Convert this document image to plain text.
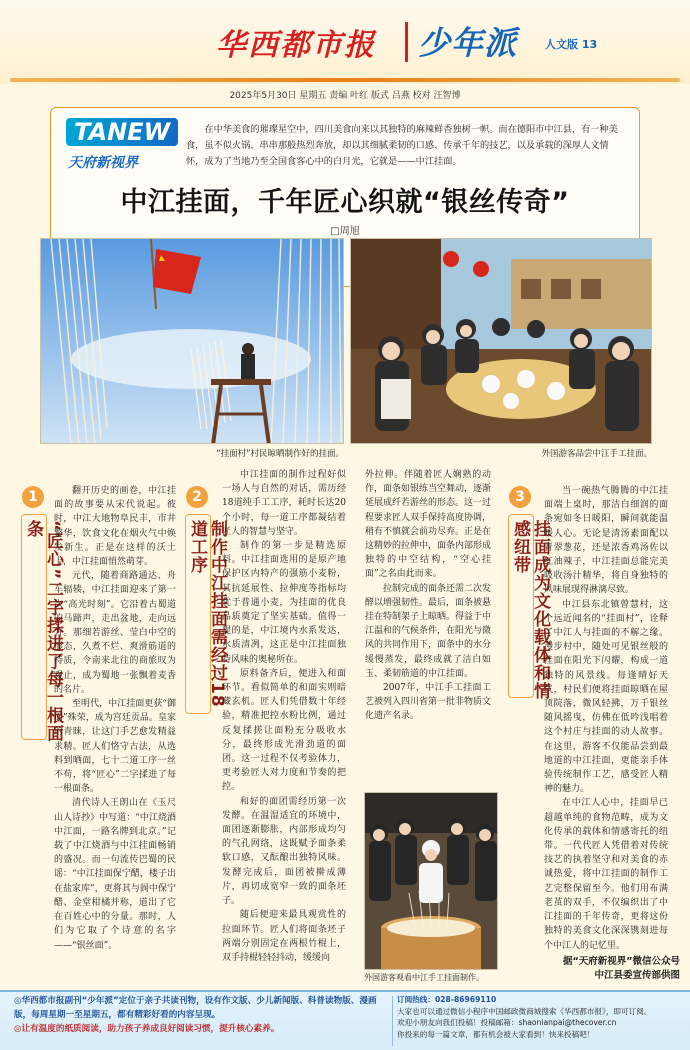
华西都市报 少年派	人文版 13
2025年5月30日 星期五 责编 叶红 版式 吕燕 校对 汪智博
TANEW
天府新视界
在中华美食的璀璨星空中，四川美食向来以其独特的麻辣鲜香独树一帜。而在德阳市中江县，有一种美食，虽不似火锅、串串那般热烈奔放，却以其细腻柔韧的口感、传承千年的技艺，以及承载的深厚人文情怀，成为了当地乃至全国食客心中的白月光，它就是——中江挂面。
中江挂面，千年匠心织就“银丝传奇”
□周旭
“挂面村”村民晾晒制作好的挂面。	外国游客品尝中江手工挂面。
1
“匠心”二字揉进了每一根面条
2
制作中江挂面需经过18道工序
3
挂面成为文化载体和情感纽带

翻开历史的画卷，中江挂面的故事要从宋代说起。彼时，中江大地物阜民丰，市井繁华，饮食文化在烟火气中焕发新生。正是在这样的沃土上，中江挂面悄然萌芽。

元代，随着商路通达、舟车辐辏，中江挂面迎来了第一次“高光时刻”。它沿着古蜀道的马蹄声，走出盆地，走向远方。那细若游丝、莹白中空的形态，久煮不烂、爽滑筋道的特质，令南来北往的商旅叹为观止，成为蜀地一张飘着麦香的名片。

至明代，中江挂面更获“御面”殊荣，成为宫廷贡品。皇家的青睐，让这门手艺愈发精益求精。匠人们恪守古法，从选料到晒面，七十二道工序一丝不苟，将“匠心”二字揉进了每一根面条。

清代诗人王朗山在《玉尺山人诗抄》中写道：“中江烧酒中江面，一路名牌到北京。”记载了中江烧酒与中江挂面畅销的盛况。而一句流传巴蜀的民谣：“中江挂面保宁醋，楼子出在盐家库”，更将其与阆中保宁醋、金堂柑橘并称，道出了它在百姓心中的分量。那时，人们为它取了个诗意的名字——“银丝面”。

中江挂面的制作过程好似一场人与自然的对话，需历经18道纯手工工序，耗时长达20个小时，每一道工序都凝结着匠人的智慧与坚守。

制作的第一步是精选原料。中江挂面选用的是原产地保护区内特产的强筋小麦粉，其抗延展性、拉伸度等指标均优于普通小麦，为挂面的优良品质奠定了坚实基础。值得一提的是，中江境内水系发达，水质清冽，这正是中江挂面独特风味的奥秘所在。

原料备齐后，便进入和面环节。看似简单的和面实则暗藏玄机。匠人们凭借数十年经验，精准把控水粉比例，通过反复揉搓让面粉充分吸收水分，最终形成光滑劲道的面团。这一过程不仅考验体力，更考验匠人对力度和节奏的把控。

和好的面团需经历第一次发酵。在温湿适宜的环境中，面团逐渐膨胀，内部形成均匀的气孔网络，这既赋予面条柔软口感，又酝酿出独特风味。发酵完成后，面团被擀成薄片，再切成宽窄一致的面条坯子。

随后便迎来最具观赏性的拉面环节。匠人们将面条坯子两端分别固定在两根竹棍上，双手持棍轻轻抖动，缓缓向

外拉伸。伴随着匠人娴熟的动作，面条如银练当空舞动，逐渐延展成纤若游丝的形态。这一过程要求匠人双手保持高度协调，稍有不慎就会前功尽弃。正是在这精妙的拉伸中，面条内部形成独特的中空结构，“空心挂面”之名由此而来。

拉制完成的面条还需二次发酵以增强韧性。最后，面条被悬挂在特制架子上晾晒。得益于中江温和的气候条件，在阳光与微风的共同作用下，面条中的水分缓慢蒸发，最终成就了洁白如玉、柔韧筋道的中江挂面。

2007年，中江手工挂面工艺被列入四川省第一批非物质文化遗产名录。

当一碗热气腾腾的中江挂面端上桌时，那洁白细润的面条宛如冬日暖阳，瞬间就能温暖人心。无论是清汤素面配以青翠葱花，还是浓香鸡汤佐以红油辣子，中江挂面总能完美吸收汤汁精华，将自身独特的风味展现得淋漓尽致。

中江县东北镇曾慧村，这个远近闻名的“挂面村”，诠释了中江人与挂面的不解之缘。漫步村中，随处可见银丝般的挂面在阳光下闪耀，构成一道独特的风景线。每逢晴好天气，村民们便将挂面晾晒在屋顶院落，微风轻拂，万千银丝随风摇曳，仿佛在低吟浅唱着这个村庄与挂面的动人故事。在这里，游客不仅能品尝到最地道的中江挂面，更能亲手体验传统制作工艺，感受匠人精神的魅力。

在中江人心中，挂面早已超越单纯的食物范畴，成为文化传承的载体和情感寄托的纽带。一代代匠人凭借着对传统技艺的执着坚守和对美食的赤诚热爱，将中江挂面的制作工艺完整保留至今。他们用布满老茧的双手，不仅编织出了中江挂面的千年传奇，更将这份独特的美食文化深深镌刻进每个中江人的记忆里。

外国游客观看中江手工挂面制作。
据“天府新视界”微信公众号
中江县委宣传部供图
◎华西都市报副刊“少年派”定位于亲子共读刊物，设有作文版、少儿新闻版、科普读物版、漫画版，每周星期一至星期五，都有精彩好看的内容呈现。
◎让有温度的纸质阅读，助力孩子养成良好阅读习惯，提升核心素养。
订阅热线：028-86969110
大家也可以通过微信小程序中国邮政微商城搜索《华西都市报》，即可订阅。
欢迎小朋友向我们投稿！投稿邮箱：shaonianpai@thecover.cn
你投来的每一篇文章，都有机会被大家看到！快来投稿吧！
